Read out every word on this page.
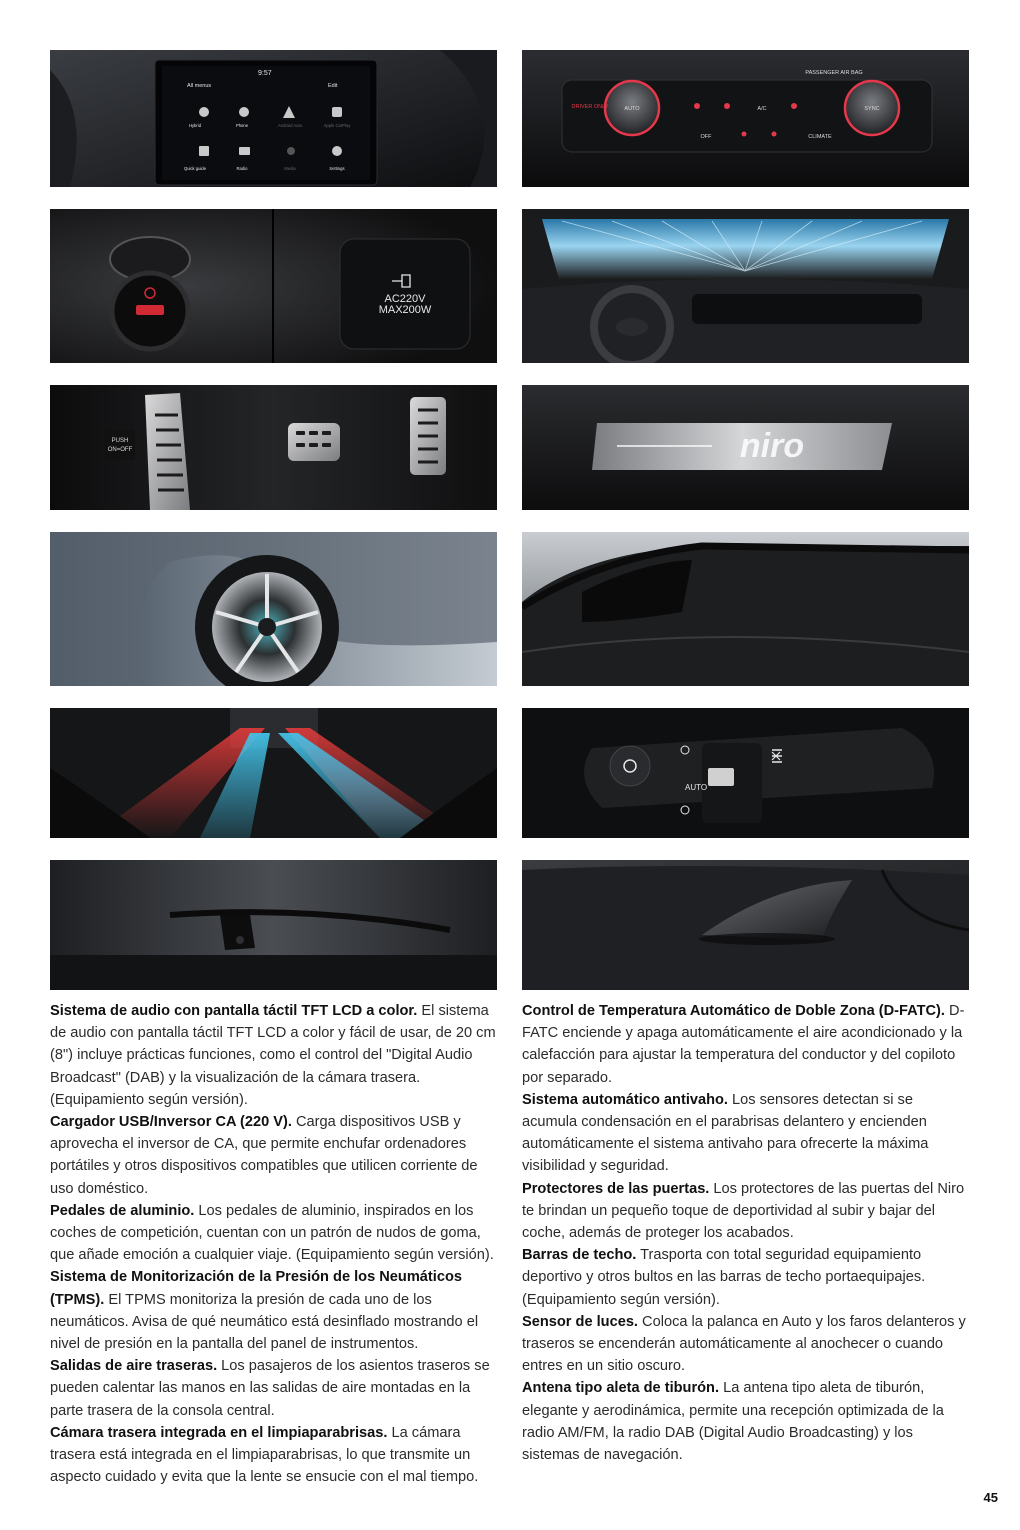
9:57
All menus	Edit
Hybrid	Phone	Android Auto	Apple CarPlay
Quick guide	Radio	Media	Settings
PASSENGER AIR BAG
DRIVER ONLY	AUTO	A/C	SYNC
OFF	CLIMATE
AC220V
MAX200W
PUSH
ON=OFF	niro
AUTO

Sistema de audio con pantalla táctil TFT LCD a color. El sistema de audio con pantalla táctil TFT LCD a color y fácil de usar, de 20 cm (8") incluye prácticas funciones, como el control del "Digital Audio Broadcast" (DAB) y la visualización de la cámara trasera. (Equipamiento según versión).

Cargador USB/Inversor CA (220 V). Carga dispositivos USB y aprovecha el inversor de CA, que permite enchufar ordenadores portátiles y otros dispositivos compatibles que utilicen corriente de uso doméstico.

Pedales de aluminio. Los pedales de aluminio, inspirados en los coches de competición, cuentan con un patrón de nudos de goma, que añade emoción a cualquier viaje. (Equipamiento según versión).

Sistema de Monitorización de la Presión de los Neumáticos (TPMS). El TPMS monitoriza la presión de cada uno de los neumáticos. Avisa de qué neumático está desinflado mostrando el nivel de presión en la pantalla del panel de instrumentos.

Salidas de aire traseras. Los pasajeros de los asientos traseros se pueden calentar las manos en las salidas de aire montadas en la parte trasera de la consola central.

Cámara trasera integrada en el limpiaparabrisas. La cámara trasera está integrada en el limpiaparabrisas, lo que transmite un aspecto cuidado y evita que la lente se ensucie con el mal tiempo.

Control de Temperatura Automático de Doble Zona (D-FATC). D-FATC enciende y apaga automáticamente el aire acondicionado y la calefacción para ajustar la temperatura del conductor y del copiloto por separado.

Sistema automático antivaho. Los sensores detectan si se acumula condensación en el parabrisas delantero y encienden automáticamente el sistema antivaho para ofrecerte la máxima visibilidad y seguridad.

Protectores de las puertas. Los protectores de las puertas del Niro te brindan un pequeño toque de deportividad al subir y bajar del coche, además de proteger los acabados.

Barras de techo. Trasporta con total seguridad equipamiento deportivo y otros bultos en las barras de techo portaequipajes. (Equipamiento según versión).

Sensor de luces. Coloca la palanca en Auto y los faros delanteros y traseros se encenderán automáticamente al anochecer o cuando entres en un sitio oscuro.

Antena tipo aleta de tiburón. La antena tipo aleta de tiburón, elegante y aerodinámica, permite una recepción optimizada de la radio AM/FM, la radio DAB (Digital Audio Broadcasting) y los sistemas de navegación.

45
